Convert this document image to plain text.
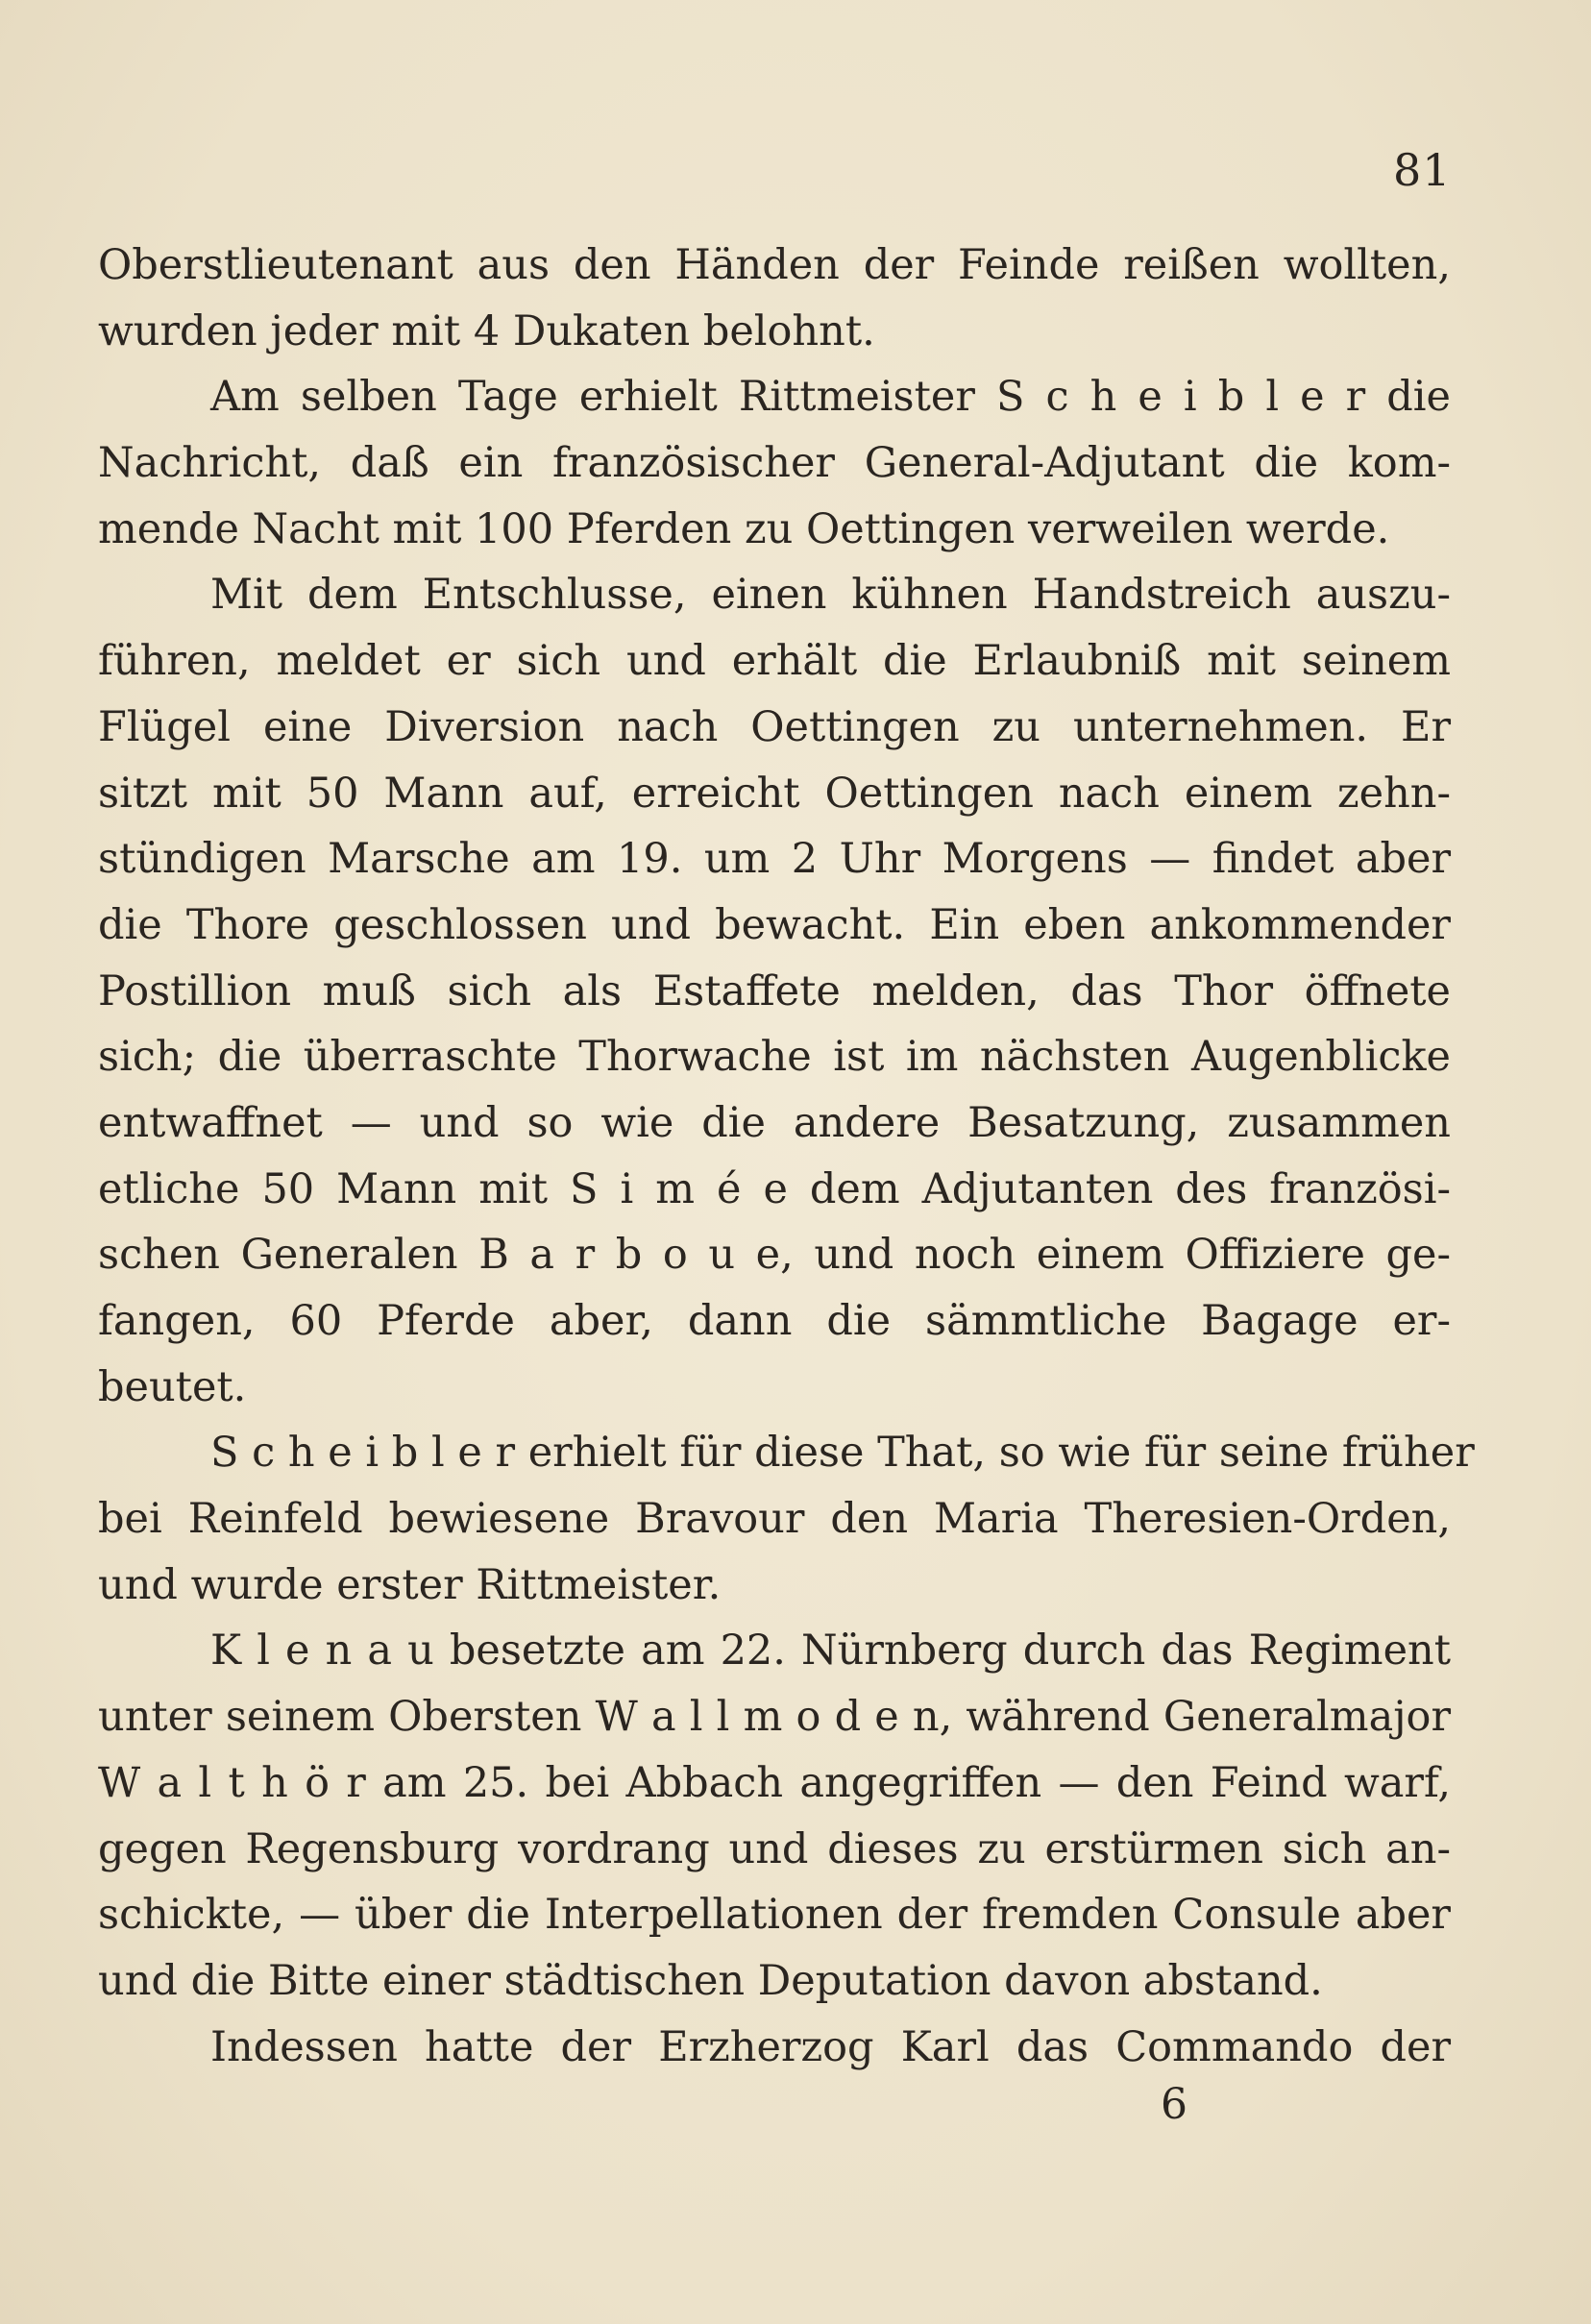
81
Oberstlieutenant aus den Händen der Feinde reißen wollten,
wurden jeder mit 4 Dukaten belohnt.
Am selben Tage erhielt Rittmeister S c h e i b l e r die
Nachricht, daß ein französischer General-Adjutant die kom-
mende Nacht mit 100 Pferden zu Oettingen verweilen werde.
Mit dem Entschlusse, einen kühnen Handstreich auszu-
führen, meldet er sich und erhält die Erlaubniß mit seinem
Flügel eine Diversion nach Oettingen zu unternehmen. Er
sitzt mit 50 Mann auf, erreicht Oettingen nach einem zehn-
stündigen Marsche am 19. um 2 Uhr Morgens — findet aber
die Thore geschlossen und bewacht. Ein eben ankommender
Postillion muß sich als Estaffete melden, das Thor öffnete
sich; die überraschte Thorwache ist im nächsten Augenblicke
entwaffnet — und so wie die andere Besatzung, zusammen
etliche 50 Mann mit S i m é e dem Adjutanten des französi-
schen Generalen B a r b o u e, und noch einem Offiziere ge-
fangen, 60 Pferde aber, dann die sämmtliche Bagage er-
beutet.
S c h e i b l e r erhielt für diese That, so wie für seine früher
bei Reinfeld bewiesene Bravour den Maria Theresien-Orden,
und wurde erster Rittmeister.
K l e n a u besetzte am 22. Nürnberg durch das Regiment
unter seinem Obersten W a l l m o d e n, während Generalmajor
W a l t h ö r am 25. bei Abbach angegriffen — den Feind warf,
gegen Regensburg vordrang und dieses zu erstürmen sich an-
schickte, — über die Interpellationen der fremden Consule aber
und die Bitte einer städtischen Deputation davon abstand.
Indessen hatte der Erzherzog Karl das Commando der
6
